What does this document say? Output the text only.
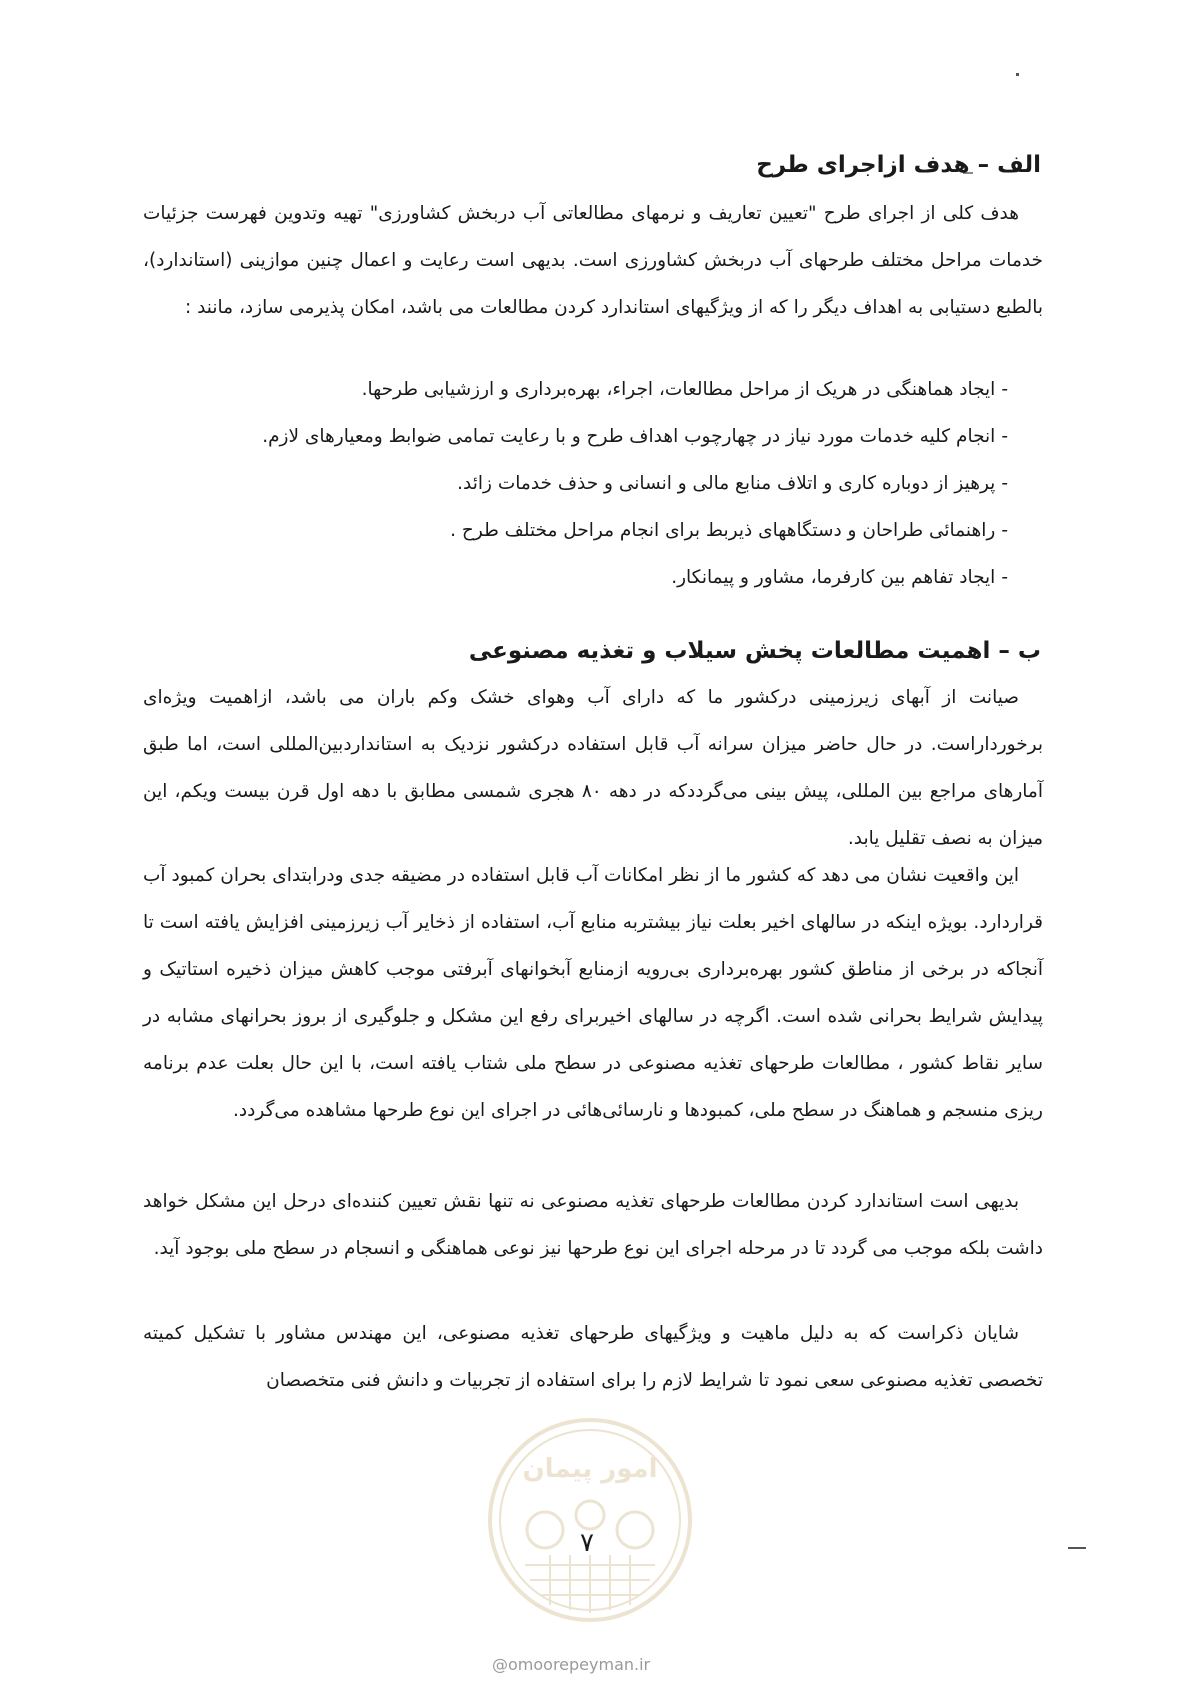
الف – هدف ازاجرای طرح

هدف کلی از اجرای طرح "تعیین تعاریف و نرمهای مطالعاتی آب دربخش کشاورزی" تهیه وتدوین فهرست جزئیات خدمات مراحل مختلف طرحهای آب دربخش کشاورزی است. بدیهی است رعایت و اعمال چنین موازینی (استاندارد)، بالطبع دستیابی به اهداف دیگر را که از ویژگیهای استاندارد کردن مطالعات می باشد، امکان پذیرمی سازد، مانند :

-ایجاد هماهنگی در هریک از مراحل مطالعات، اجراء، بهره‌برداری و ارزشیابی طرحها.
-انجام کلیه خدمات مورد نیاز در چهارچوب اهداف طرح و با رعایت تمامی ضوابط ومعیارهای لازم.
-پرهیز از دوباره کاری و اتلاف منابع مالی و انسانی و حذف خدمات زائد.
-راهنمائی طراحان و دستگاههای ذیربط برای انجام مراحل مختلف طرح .
-ایجاد تفاهم بین کارفرما، مشاور و پیمانکار.
ب – اهمیت مطالعات پخش سیلاب و تغذیه مصنوعی

صیانت از آبهای زیرزمینی درکشور ما که دارای آب وهوای خشک وکم باران می باشد، ازاهمیت ویژه‌ای برخورداراست. در حال حاضر میزان سرانه آب قابل استفاده درکشور نزدیک به استانداردبین‌المللی است، اما طبق آمارهای مراجع بین المللی، پیش بینی می‌گرددکه در دهه ۸۰ هجری شمسی مطابق با دهه اول قرن بیست ویکم، این میزان به نصف تقلیل یابد.

این واقعیت نشان می دهد که کشور ما از نظر امکانات آب قابل استفاده در مضیقه جدی ودرابتدای بحران کمبود آب قراردارد. بویژه اینکه در سالهای اخیر بعلت نیاز بیشتربه منابع آب، استفاده از ذخایر آب زیرزمینی افزایش یافته است تا آنجاکه در برخی از مناطق کشور بهره‌برداری بی‌رویه ازمنابع آبخوانهای آبرفتی موجب کاهش میزان ذخیره استاتیک و پیدایش شرایط بحرانی شده است. اگرچه در سالهای اخیربرای رفع این مشکل و جلوگیری از بروز بحرانهای مشابه در سایر نقاط کشور ، مطالعات طرحهای تغذیه مصنوعی در سطح ملی شتاب یافته است، با این حال بعلت عدم برنامه ریزی منسجم و هماهنگ در سطح ملی، کمبودها و نارسائی‌هائی در اجرای این نوع طرحها مشاهده می‌گردد.

بدیهی است استاندارد کردن مطالعات طرحهای تغذیه مصنوعی نه تنها نقش تعیین کننده‌ای درحل این مشکل خواهد داشت بلکه موجب می گردد تا در مرحله اجرای این نوع طرحها نیز نوعی هماهنگی و انسجام در سطح ملی بوجود آید.

شایان ذکراست که به دلیل ماهیت و ویژگیهای طرحهای تغذیه مصنوعی، این مهندس مشاور با تشکیل کمیته تخصصی تغذیه مصنوعی سعی نمود تا شرایط لازم را برای استفاده از تجربیات و دانش فنی متخصصان

امور پیمان
۷
@omoorepeyman.ir
